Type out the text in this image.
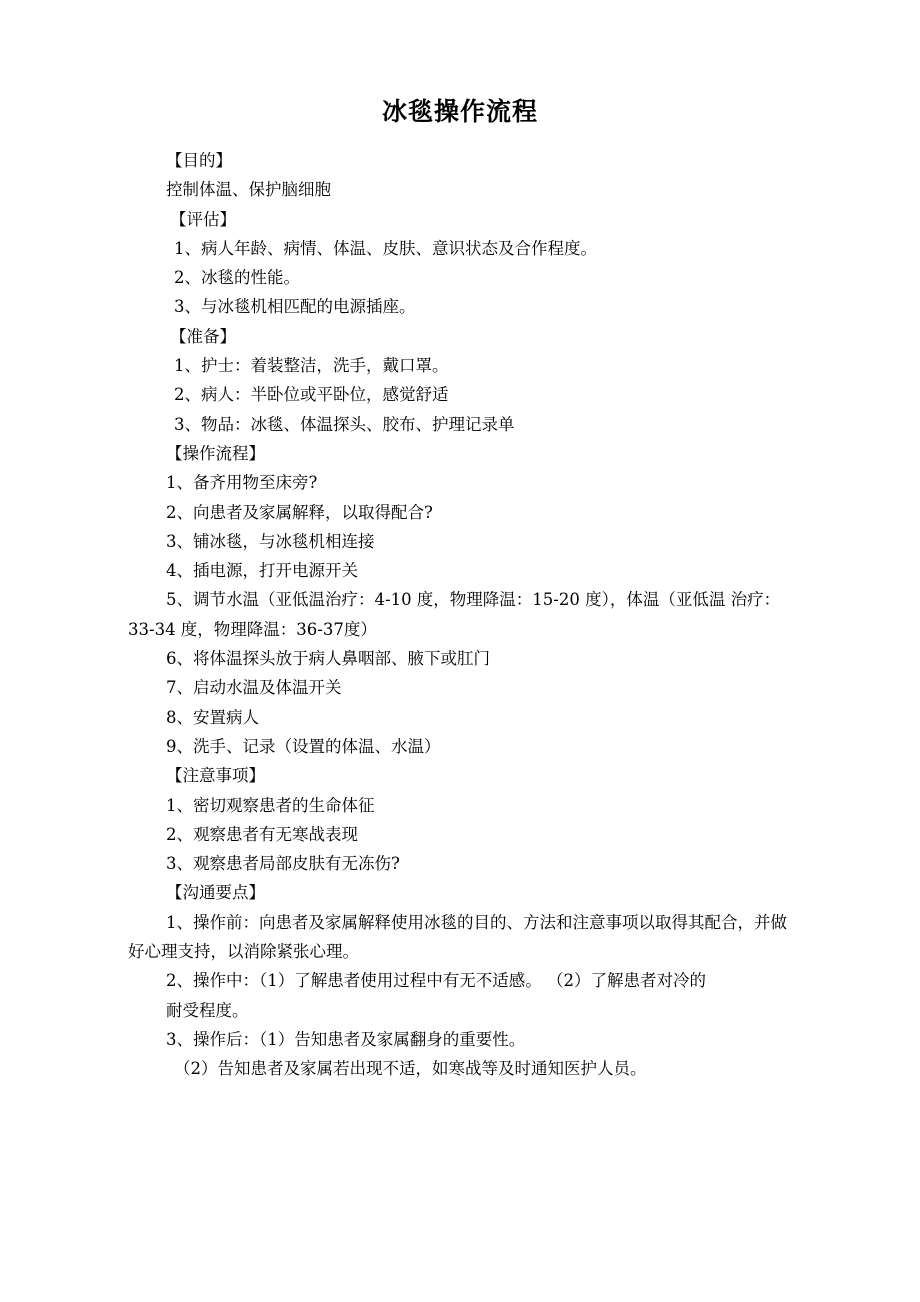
冰毯操作流程
【目的】
控制体温、保护脑细胞
【评估】
1、病人年龄、病情、体温、皮肤、意识状态及合作程度。
2、冰毯的性能。
3、与冰毯机相匹配的电源插座。
【准备】
1、护士：着装整洁，洗手，戴口罩。
2、病人：半卧位或平卧位，感觉舒适
3、物品：冰毯、体温探头、胶布、护理记录单
【操作流程】
1、备齐用物至床旁?
2、向患者及家属解释，以取得配合?
3、铺冰毯，与冰毯机相连接
4、插电源，打开电源开关
5、调节水温（亚低温治疗：4-10 度，物理降温：15-20 度），体温（亚低温 治疗：33-34 度，物理降温：36-37度）
6、将体温探头放于病人鼻咽部、腋下或肛门
7、启动水温及体温开关
8、安置病人
9、洗手、记录（设置的体温、水温）
【注意事项】
1、密切观察患者的生命体征
2、观察患者有无寒战表现
3、观察患者局部皮肤有无冻伤?
【沟通要点】
1、操作前：向患者及家属解释使用冰毯的目的、方法和注意事项以取得其配合，并做好心理支持，以消除紧张心理。
2、操作中：（1）了解患者使用过程中有无不适感。 （2）了解患者对冷的
耐受程度。
3、操作后：（1）告知患者及家属翻身的重要性。
（2）告知患者及家属若出现不适，如寒战等及时通知医护人员。
